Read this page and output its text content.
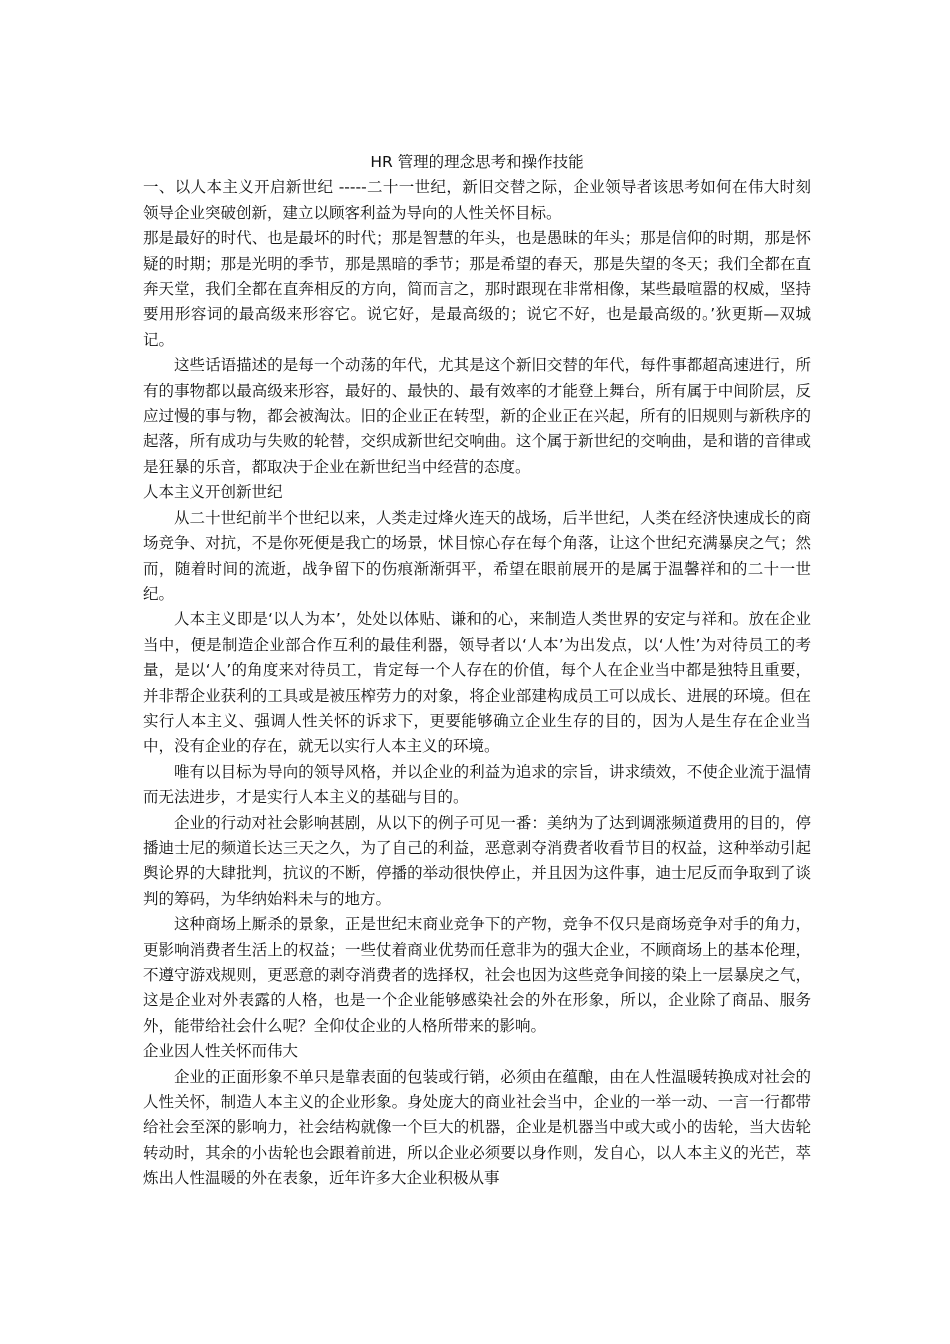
HR 管理的理念思考和操作技能

一、以人本主义开启新世纪 -----二十一世纪，新旧交替之际，企业领导者该思考如何在伟大时刻领导企业突破创新，建立以顾客利益为导向的人性关怀目标。

那是最好的时代、也是最坏的时代；那是智慧的年头，也是愚昧的年头；那是信仰的时期，那是怀疑的时期；那是光明的季节，那是黑暗的季节；那是希望的春天，那是失望的冬天；我们全都在直奔天堂，我们全都在直奔相反的方向，简而言之，那时跟现在非常相像，某些最喧嚣的权威，坚持要用形容词的最高级来形容它。说它好，是最高级的；说它不好，也是最高级的。’狄更斯—双城记。

这些话语描述的是每一个动荡的年代，尤其是这个新旧交替的年代，每件事都超高速进行，所有的事物都以最高级来形容，最好的、最快的、最有效率的才能登上舞台，所有属于中间阶层，反应过慢的事与物，都会被淘汰。旧的企业正在转型，新的企业正在兴起，所有的旧规则与新秩序的起落，所有成功与失败的轮替，交织成新世纪交响曲。这个属于新世纪的交响曲，是和谐的音律或是狂暴的乐音，都取决于企业在新世纪当中经营的态度。

人本主义开创新世纪

从二十世纪前半个世纪以来，人类走过烽火连天的战场，后半世纪，人类在经济快速成长的商场竞争、对抗，不是你死便是我亡的场景，怵目惊心存在每个角落，让这个世纪充满暴戾之气；然而，随着时间的流逝，战争留下的伤痕渐渐弭平，希望在眼前展开的是属于温馨祥和的二十一世纪。

人本主义即是‘以人为本’，处处以体贴、谦和的心，来制造人类世界的安定与祥和。放在企业当中，便是制造企业部合作互利的最佳利器，领导者以‘人本’为出发点，以‘人性’为对待员工的考量，是以‘人’的角度来对待员工，肯定每一个人存在的价值，每个人在企业当中都是独特且重要，并非帮企业获利的工具或是被压榨劳力的对象，将企业部建构成员工可以成长、进展的环境。但在实行人本主义、强调人性关怀的诉求下，更要能够确立企业生存的目的，因为人是生存在企业当中，没有企业的存在，就无以实行人本主义的环境。

唯有以目标为导向的领导风格，并以企业的利益为追求的宗旨，讲求绩效，不使企业流于温情而无法进步，才是实行人本主义的基础与目的。

企业的行动对社会影响甚剧，从以下的例子可见一番：美纳为了达到调涨频道费用的目的，停播迪士尼的频道长达三天之久，为了自己的利益，恶意剥夺消费者收看节目的权益，这种举动引起舆论界的大肆批判，抗议的不断，停播的举动很快停止，并且因为这件事，迪士尼反而争取到了谈判的筹码，为华纳始料未与的地方。

这种商场上厮杀的景象，正是世纪末商业竞争下的产物，竞争不仅只是商场竞争对手的角力，更影响消费者生活上的权益；一些仗着商业优势而任意非为的强大企业，不顾商场上的基本伦理，不遵守游戏规则，更恶意的剥夺消费者的选择权，社会也因为这些竞争间接的染上一层暴戾之气，这是企业对外表露的人格，也是一个企业能够感染社会的外在形象，所以，企业除了商品、服务外，能带给社会什么呢？全仰仗企业的人格所带来的影响。

企业因人性关怀而伟大

企业的正面形象不单只是靠表面的包装或行销，必须由在蕴酿，由在人性温暖转换成对社会的人性关怀，制造人本主义的企业形象。身处庞大的商业社会当中，企业的一举一动、一言一行都带给社会至深的影响力，社会结构就像一个巨大的机器，企业是机器当中或大或小的齿轮，当大齿轮转动时，其余的小齿轮也会跟着前进，所以企业必须要以身作则，发自心，以人本主义的光芒，萃炼出人性温暖的外在表象，近年许多大企业积极从事
